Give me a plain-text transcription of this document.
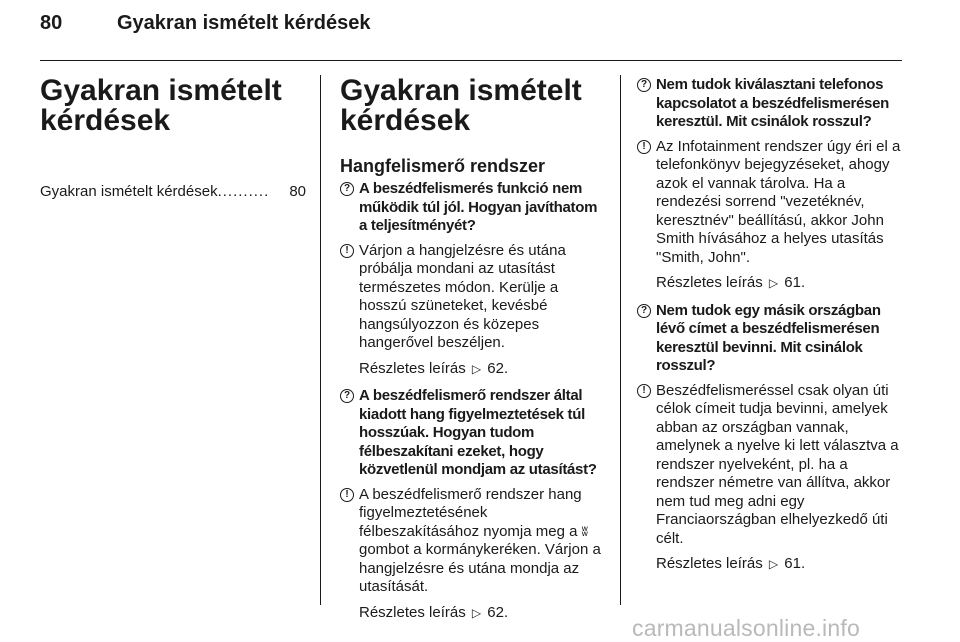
80	Gyakran ismételt kérdések
Gyakran ismételt kérdések
Gyakran ismételt kérdések ..........	80
Gyakran ismételt kérdések
Hangfelismerő rendszer
? A beszédfelismerés funkció nem működik túl jól. Hogyan javíthatom a teljesítményét?
! Várjon a hangjelzésre és utána próbálja mondani az utasítást természetes módon. Kerülje a hosszú szüneteket, kevésbé hangsúlyozzon és közepes hangerővel beszéljen.
Részletes leírás ▷ 62.
? A beszédfelismerő rendszer által kiadott hang figyelmeztetések túl hosszúak. Hogyan tudom félbeszakítani ezeket, hogy közvetlenül mondjam az utasítást?
! A beszédfelismerő rendszer hang figyelmeztetésének félbeszakításához nyomja meg a ʬ gombot a kormánykeréken. Várjon a hangjelzésre és utána mondja az utasítását.
Részletes leírás ▷ 62.
? Nem tudok kiválasztani telefonos kapcsolatot a beszédfelismerésen keresztül. Mit csinálok rosszul?
! Az Infotainment rendszer úgy éri el a telefonkönyv bejegyzéseket, ahogy azok el vannak tárolva. Ha a rendezési sorrend "vezetéknév, keresztnév" beállítású, akkor John Smith hívásához a helyes utasítás "Smith, John".
Részletes leírás ▷ 61.
? Nem tudok egy másik országban lévő címet a beszédfelismerésen keresztül bevinni. Mit csinálok rosszul?
! Beszédfelismeréssel csak olyan úti célok címeit tudja bevinni, amelyek abban az országban vannak, amelynek a nyelve ki lett választva a rendszer nyelveként, pl. ha a rendszer németre van állítva, akkor nem tud meg adni egy Franciaországban elhelyezkedő úti célt.
Részletes leírás ▷ 61.
carmanualsonline.info
